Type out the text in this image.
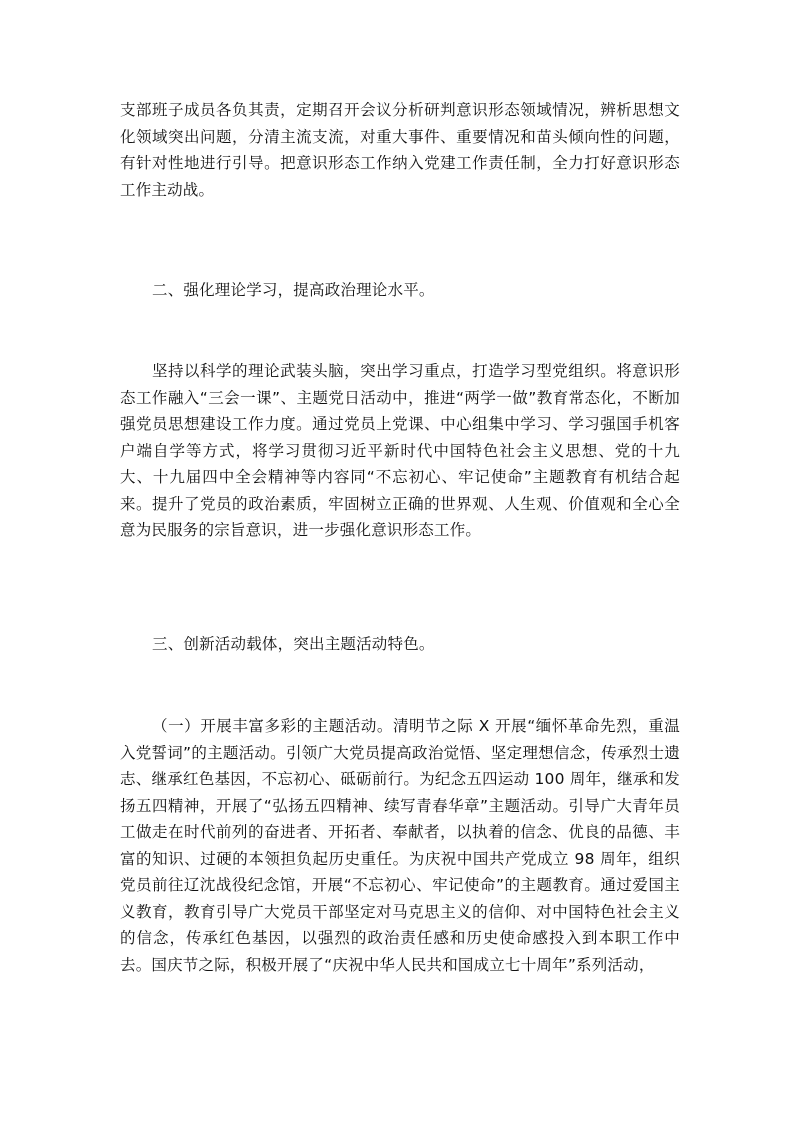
支部班子成员各负其责，定期召开会议分析研判意识形态领域情况，辨析思想文化领域突出问题，分清主流支流，对重大事件、重要情况和苗头倾向性的问题，有针对性地进行引导。把意识形态工作纳入党建工作责任制，全力打好意识形态工作主动战。

二、强化理论学习，提高政治理论水平。

坚持以科学的理论武装头脑，突出学习重点，打造学习型党组织。将意识形态工作融入“三会一课”、主题党日活动中，推进“两学一做”教育常态化，不断加强党员思想建设工作力度。通过党员上党课、中心组集中学习、学习强国手机客户端自学等方式，将学习贯彻习近平新时代中国特色社会主义思想、党的十九大、十九届四中全会精神等内容同“不忘初心、牢记使命”主题教育有机结合起来。提升了党员的政治素质，牢固树立正确的世界观、人生观、价值观和全心全意为民服务的宗旨意识，进一步强化意识形态工作。

三、创新活动载体，突出主题活动特色。

（一）开展丰富多彩的主题活动。清明节之际 X 开展“缅怀革命先烈，重温入党誓词”的主题活动。引领广大党员提高政治觉悟、坚定理想信念，传承烈士遗志、继承红色基因，不忘初心、砥砺前行。为纪念五四运动 100 周年，继承和发扬五四精神，开展了“弘扬五四精神、续写青春华章”主题活动。引导广大青年员工做走在时代前列的奋进者、开拓者、奉献者，以执着的信念、优良的品德、丰富的知识、过硬的本领担负起历史重任。为庆祝中国共产党成立 98 周年，组织党员前往辽沈战役纪念馆，开展“不忘初心、牢记使命”的主题教育。通过爱国主义教育，教育引导广大党员干部坚定对马克思主义的信仰、对中国特色社会主义的信念，传承红色基因，以强烈的政治责任感和历史使命感投入到本职工作中去。国庆节之际，积极开展了“庆祝中华人民共和国成立七十周年”系列活动，
